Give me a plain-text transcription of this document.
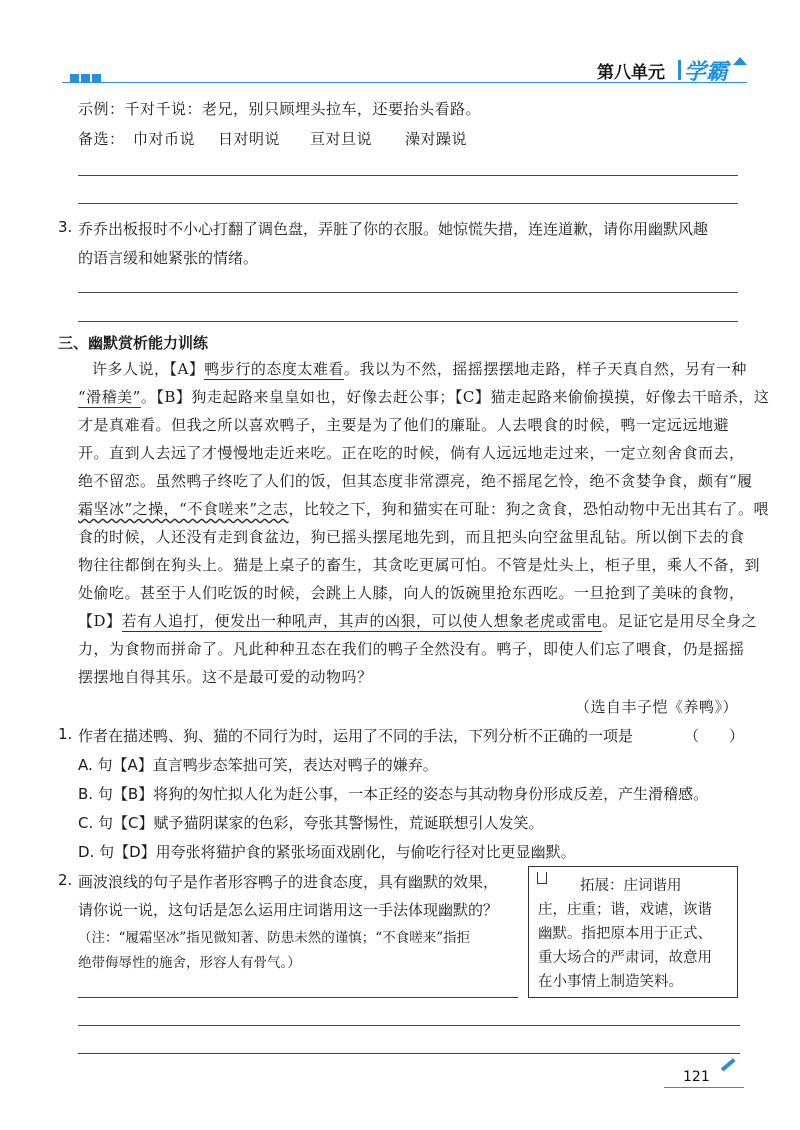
第八单元 学霸
示例：千对千说：老兄，别只顾埋头拉车，还要抬头看路。
备选： 巾对币说 日对明说 亘对旦说 澡对躁说
3. 乔乔出板报时不小心打翻了调色盘，弄脏了你的衣服。她惊慌失措，连连道歉，请你用幽默风趣
的语言缓和她紧张的情绪。
三、幽默赏析能力训练
许多人说，【A】鸭步行的态度太难看。我以为不然，摇摇摆摆地走路，样子天真自然，另有一种
“滑稽美”。【B】狗走起路来皇皇如也，好像去赶公事；【C】猫走起路来偷偷摸摸，好像去干暗杀，这
才是真难看。但我之所以喜欢鸭子，主要是为了他们的廉耻。人去喂食的时候，鸭一定远远地避
开。直到人去远了才慢慢地走近来吃。正在吃的时候，倘有人远远地走过来，一定立刻舍食而去，
绝不留恋。虽然鸭子终吃了人们的饭，但其态度非常漂亮，绝不摇尾乞怜，绝不贪婪争食，颇有“履
霜坚冰”之操，“不食嗟来”之志，比较之下，狗和猫实在可耻：狗之贪食，恐怕动物中无出其右了。喂
食的时候，人还没有走到食盆边，狗已摇头摆尾地先到，而且把头向空盆里乱钻。所以倒下去的食
物往往都倒在狗头上。猫是上桌子的畜生，其贪吃更属可怕。不管是灶头上，柜子里，乘人不备，到
处偷吃。甚至于人们吃饭的时候，会跳上人膝，向人的饭碗里抢东西吃。一旦抢到了美味的食物，
【D】若有人追打，便发出一种吼声，其声的凶狠，可以使人想象老虎或雷电。足证它是用尽全身之
力，为食物而拼命了。凡此种种丑态在我们的鸭子全然没有。鸭子，即使人们忘了喂食，仍是摇摇
摆摆地自得其乐。这不是最可爱的动物吗？
（选自丰子恺《养鸭》）
1. 作者在描述鸭、狗、猫的不同行为时，运用了不同的手法，下列分析不正确的一项是	（　　）
A. 句【A】直言鸭步态笨拙可笑，表达对鸭子的嫌弃。
B. 句【B】将狗的匆忙拟人化为赶公事，一本正经的姿态与其动物身份形成反差，产生滑稽感。
C. 句【C】赋予猫阴谋家的色彩，夸张其警惕性，荒诞联想引人发笑。
D. 句【D】用夸张将猫护食的紧张场面戏剧化，与偷吃行径对比更显幽默。
2. 画波浪线的句子是作者形容鸭子的进食态度，具有幽默的效果，
请你说一说，这句话是怎么运用庄词谐用这一手法体现幽默的？
（注：“履霜坚冰”指见微知著、防患未然的谨慎；“不食嗟来”指拒
绝带侮辱性的施舍，形容人有骨气。）
拓展：庄词谐用
庄，庄重；谐，戏谑，诙谐
幽默。指把原本用于正式、
重大场合的严肃词，故意用
在小事情上制造笑料。
121
